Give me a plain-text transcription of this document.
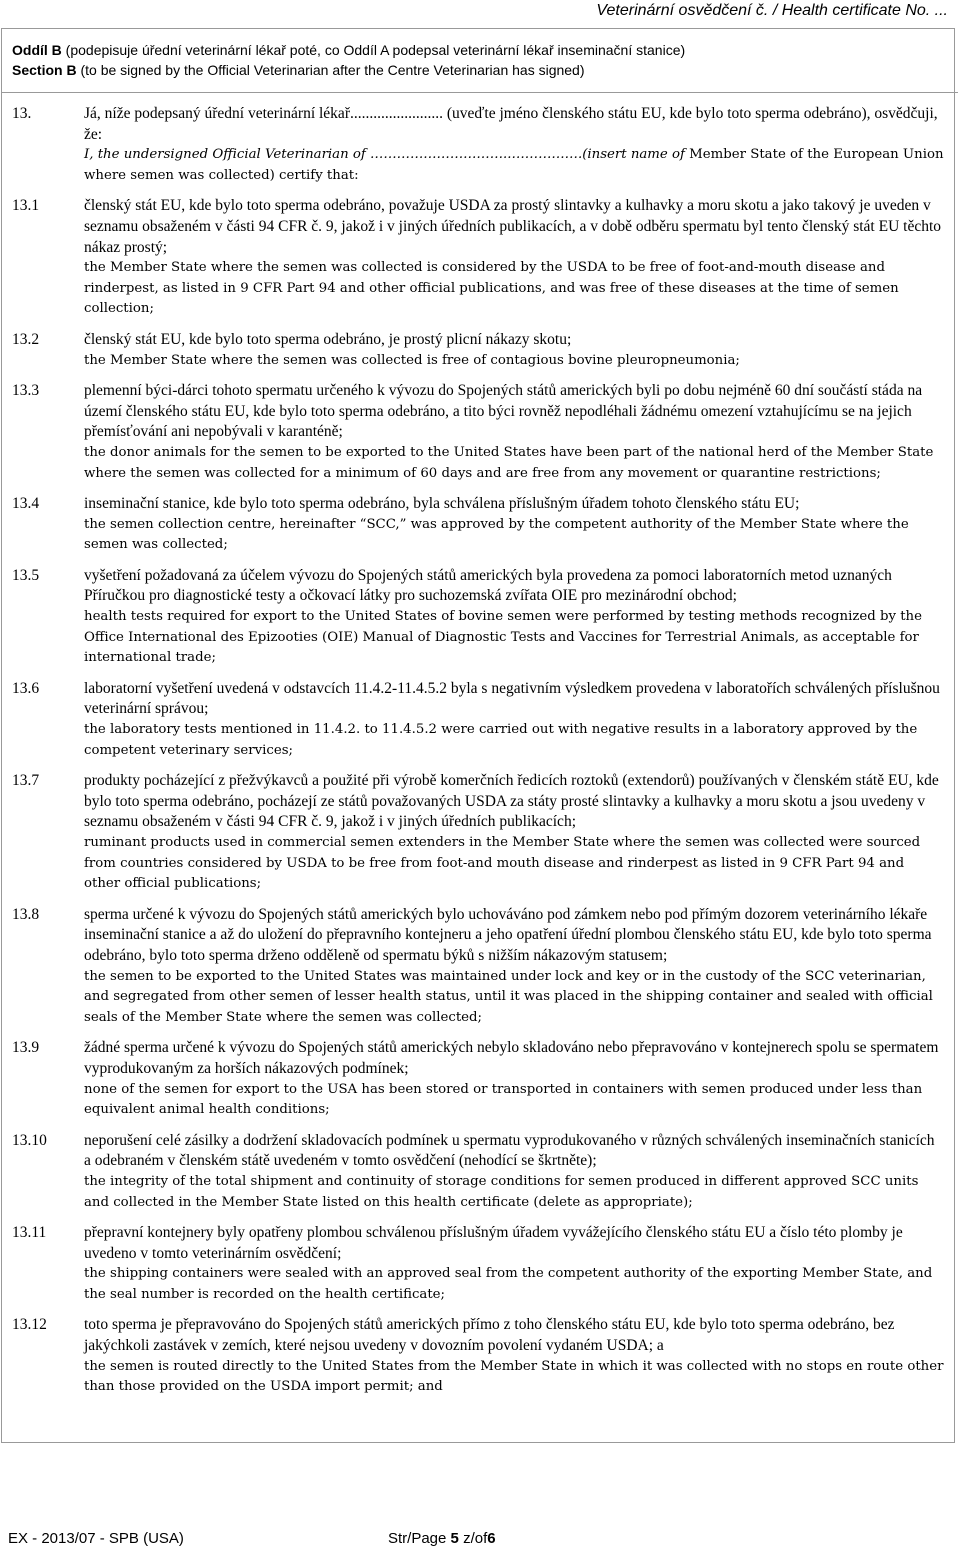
Veterinární osvědčení č. / Health certificate No. ...
Oddíl B (podepisuje úřední veterinární lékař poté, co Oddíl A podepsal veterinární lékař inseminační stanice)
Section B (to be signed by the Official Veterinarian after the Centre Veterinarian has signed)
13.	Já, níže podepsaný úřední veterinární lékař........................ (uveďte jméno členského státu EU, kde bylo toto sperma odebráno), osvědčuji, že:
I, the undersigned Official Veterinarian of …………………………..…………….(insert name of Member State of the European Union where semen was collected) certify that:
13.1	členský stát EU, kde bylo toto sperma odebráno, považuje USDA za prostý slintavky a kulhavky a moru skotu a jako takový je uveden v seznamu obsaženém v části 94 CFR č. 9, jakož i v jiných úředních publikacích, a v době odběru spermatu byl tento členský stát EU těchto nákaz prostý;
the Member State where the semen was collected is considered by the USDA to be free of foot-and-mouth disease and rinderpest, as listed in 9 CFR Part 94 and other official publications, and was free of these diseases at the time of semen collection;
13.2	členský stát EU, kde bylo toto sperma odebráno, je prostý plicní nákazy skotu;
the Member State where the semen was collected is free of contagious bovine pleuropneumonia;
13.3	plemenní býci-dárci tohoto spermatu určeného k vývozu do Spojených států amerických byli po dobu nejméně 60 dní součástí stáda na území členského státu EU, kde bylo toto sperma odebráno, a tito býci rovněž nepodléhali žádnému omezení vztahujícímu se na jejich přemísťování ani nepobývali v karanténě;
the donor animals for the semen to be exported to the United States have been part of the national herd of the Member State where the semen was collected for a minimum of 60 days and are free from any movement or quarantine restrictions;
13.4	inseminační stanice, kde bylo toto sperma odebráno, byla schválena příslušným úřadem tohoto členského státu EU;
the semen collection centre, hereinafter “SCC,” was approved by the competent authority of the Member State where the semen was collected;
13.5	vyšetření požadovaná za účelem vývozu do Spojených států amerických byla provedena za pomoci laboratorních metod uznaných Příručkou pro diagnostické testy a očkovací látky pro suchozemská zvířata OIE pro mezinárodní obchod;
health tests required for export to the United States of bovine semen were performed by testing methods recognized by the Office International des Epizooties (OIE) Manual of Diagnostic Tests and Vaccines for Terrestrial Animals, as acceptable for international trade;
13.6	laboratorní vyšetření uvedená v odstavcích 11.4.2-11.4.5.2 byla s negativním výsledkem provedena v laboratořích schválených příslušnou veterinární správou;
the laboratory tests mentioned in 11.4.2. to 11.4.5.2 were carried out with negative results in a laboratory approved by the competent veterinary services;
13.7	produkty pocházející z přežvýkavců a použité při výrobě komerčních ředicích roztoků (extendorů) používaných v členském státě EU, kde bylo toto sperma odebráno, pocházejí ze států považovaných USDA za státy prosté slintavky a kulhavky a moru skotu a jsou uvedeny v seznamu obsaženém v části 94 CFR č. 9, jakož i v jiných úředních publikacích;
ruminant products used in commercial semen extenders in the Member State where the semen was collected were sourced from countries considered by USDA to be free from foot-and mouth disease and rinderpest as listed in 9 CFR Part 94 and other official publications;
13.8	sperma určené k vývozu do Spojených států amerických bylo uchováváno pod zámkem nebo pod přímým dozorem veterinárního lékaře inseminační stanice a až do uložení do přepravního kontejneru a jeho opatření úřední plombou členského státu EU, kde bylo toto sperma odebráno, bylo toto sperma drženo odděleně od spermatu býků s nižším nákazovým statusem;
the semen to be exported to the United States was maintained under lock and key or in the custody of the SCC veterinarian, and segregated from other semen of lesser health status, until it was placed in the shipping container and sealed with official seals of the Member State where the semen was collected;
13.9	žádné sperma určené k vývozu do Spojených států amerických nebylo skladováno nebo přepravováno v kontejnerech spolu se spermatem vyprodukovaným za horších nákazových podmínek;
none of the semen for export to the USA has been stored or transported in containers with semen produced under less than equivalent animal health conditions;
13.10	neporušení celé zásilky a dodržení skladovacích podmínek u spermatu vyprodukovaného v různých schválených inseminačních stanicích a odebraném v členském státě uvedeném v tomto osvědčení (nehodící se škrtněte);
the integrity of the total shipment and continuity of storage conditions for semen produced in different approved SCC units and collected in the Member State listed on this health certificate (delete as appropriate);
13.11	přepravní kontejnery byly opatřeny plombou schválenou příslušným úřadem vyvážejícího členského státu EU a číslo této plomby je uvedeno v tomto veterinárním osvědčení;
the shipping containers were sealed with an approved seal from the competent authority of the exporting Member State, and the seal number is recorded on the health certificate;
13.12	toto sperma je přepravováno do Spojených států amerických přímo z toho členského státu EU, kde bylo toto sperma odebráno, bez jakýchkoli zastávek v zemích, které nejsou uvedeny v dovozním povolení vydaném USDA; a
the semen is routed directly to the United States from the Member State in which it was collected with no stops en route other than those provided on the USDA import permit; and
EX - 2013/07 - SPB (USA)	Str/Page 5 z/of6
